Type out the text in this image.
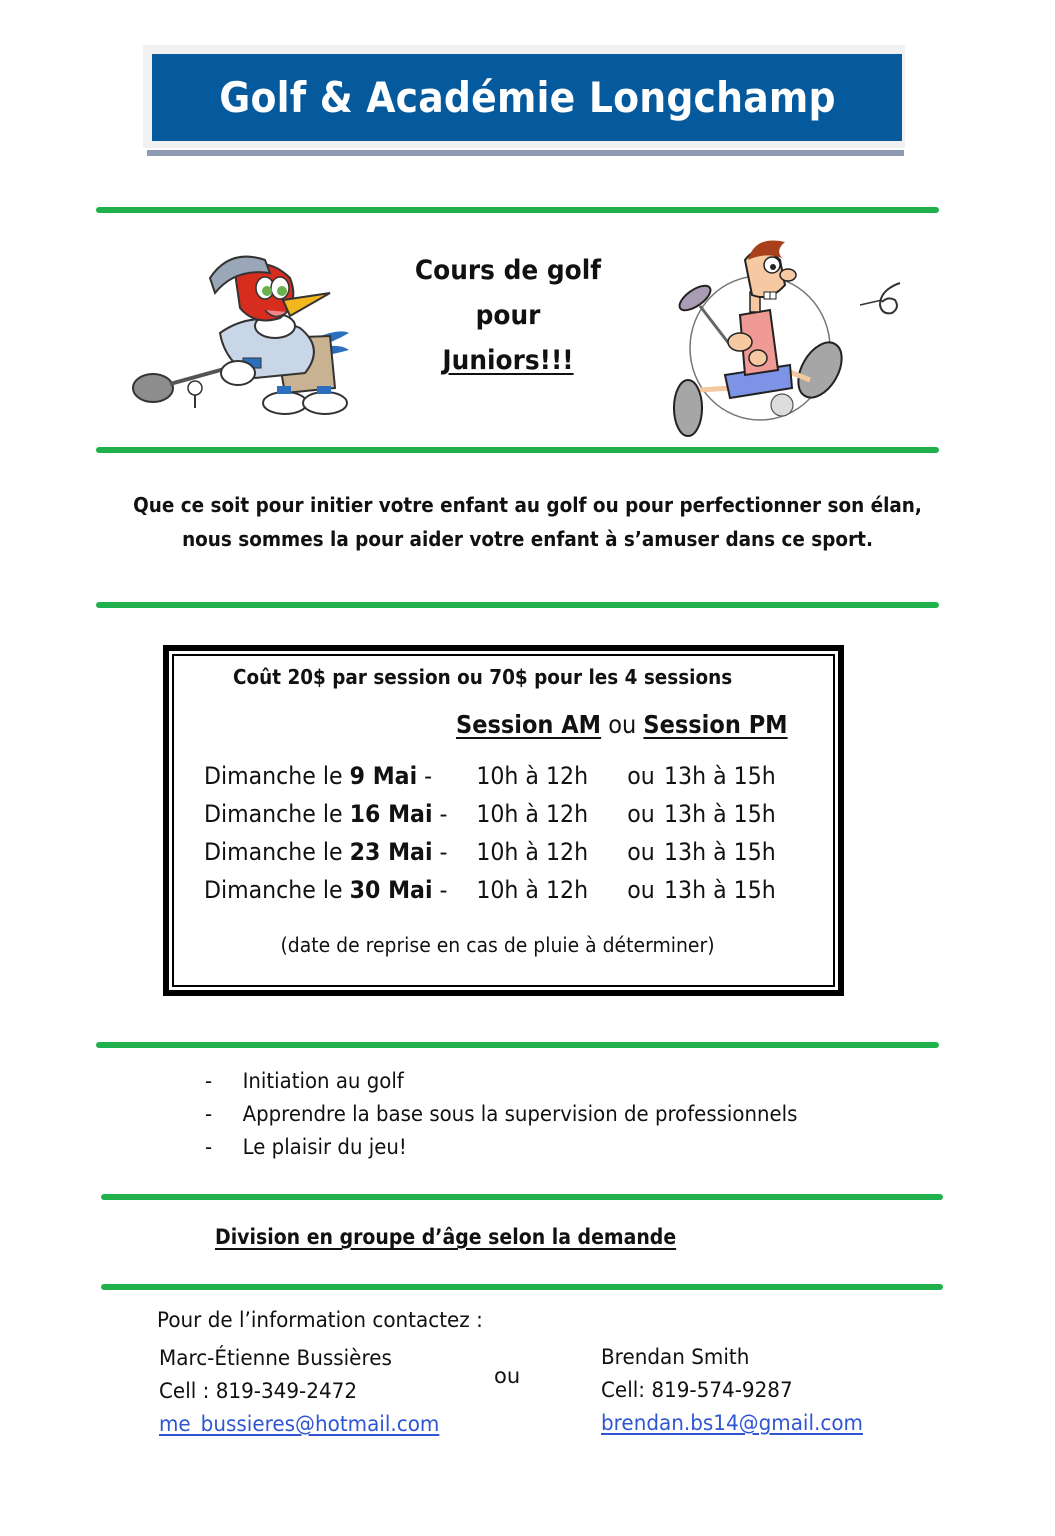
Golf & Académie Longchamp
Cours de golf
pour
Juniors!!!
Que ce soit pour initier votre enfant au golf ou pour perfectionner son élan,
nous sommes la pour aider votre enfant à s’amuser dans ce sport.
Coût 20$ par session ou 70$ pour les 4 sessions
Session AM ou Session PM
Dimanche le 9 Mai - 10h à 12h ou 13h à 15h
Dimanche le 16 Mai - 10h à 12h ou 13h à 15h
Dimanche le 23 Mai - 10h à 12h ou 13h à 15h
Dimanche le 30 Mai - 10h à 12h ou 13h à 15h
(date de reprise en cas de pluie à déterminer)
- Initiation au golf
- Apprendre la base sous la supervision de professionnels
- Le plaisir du jeu!
Division en groupe d’âge selon la demande
Pour de l’information contactez :
Marc-Étienne Bussières
Cell : 819-349-2472
me_bussieres@hotmail.com
ou
Brendan Smith
Cell: 819-574-9287
brendan.bs14@gmail.com
